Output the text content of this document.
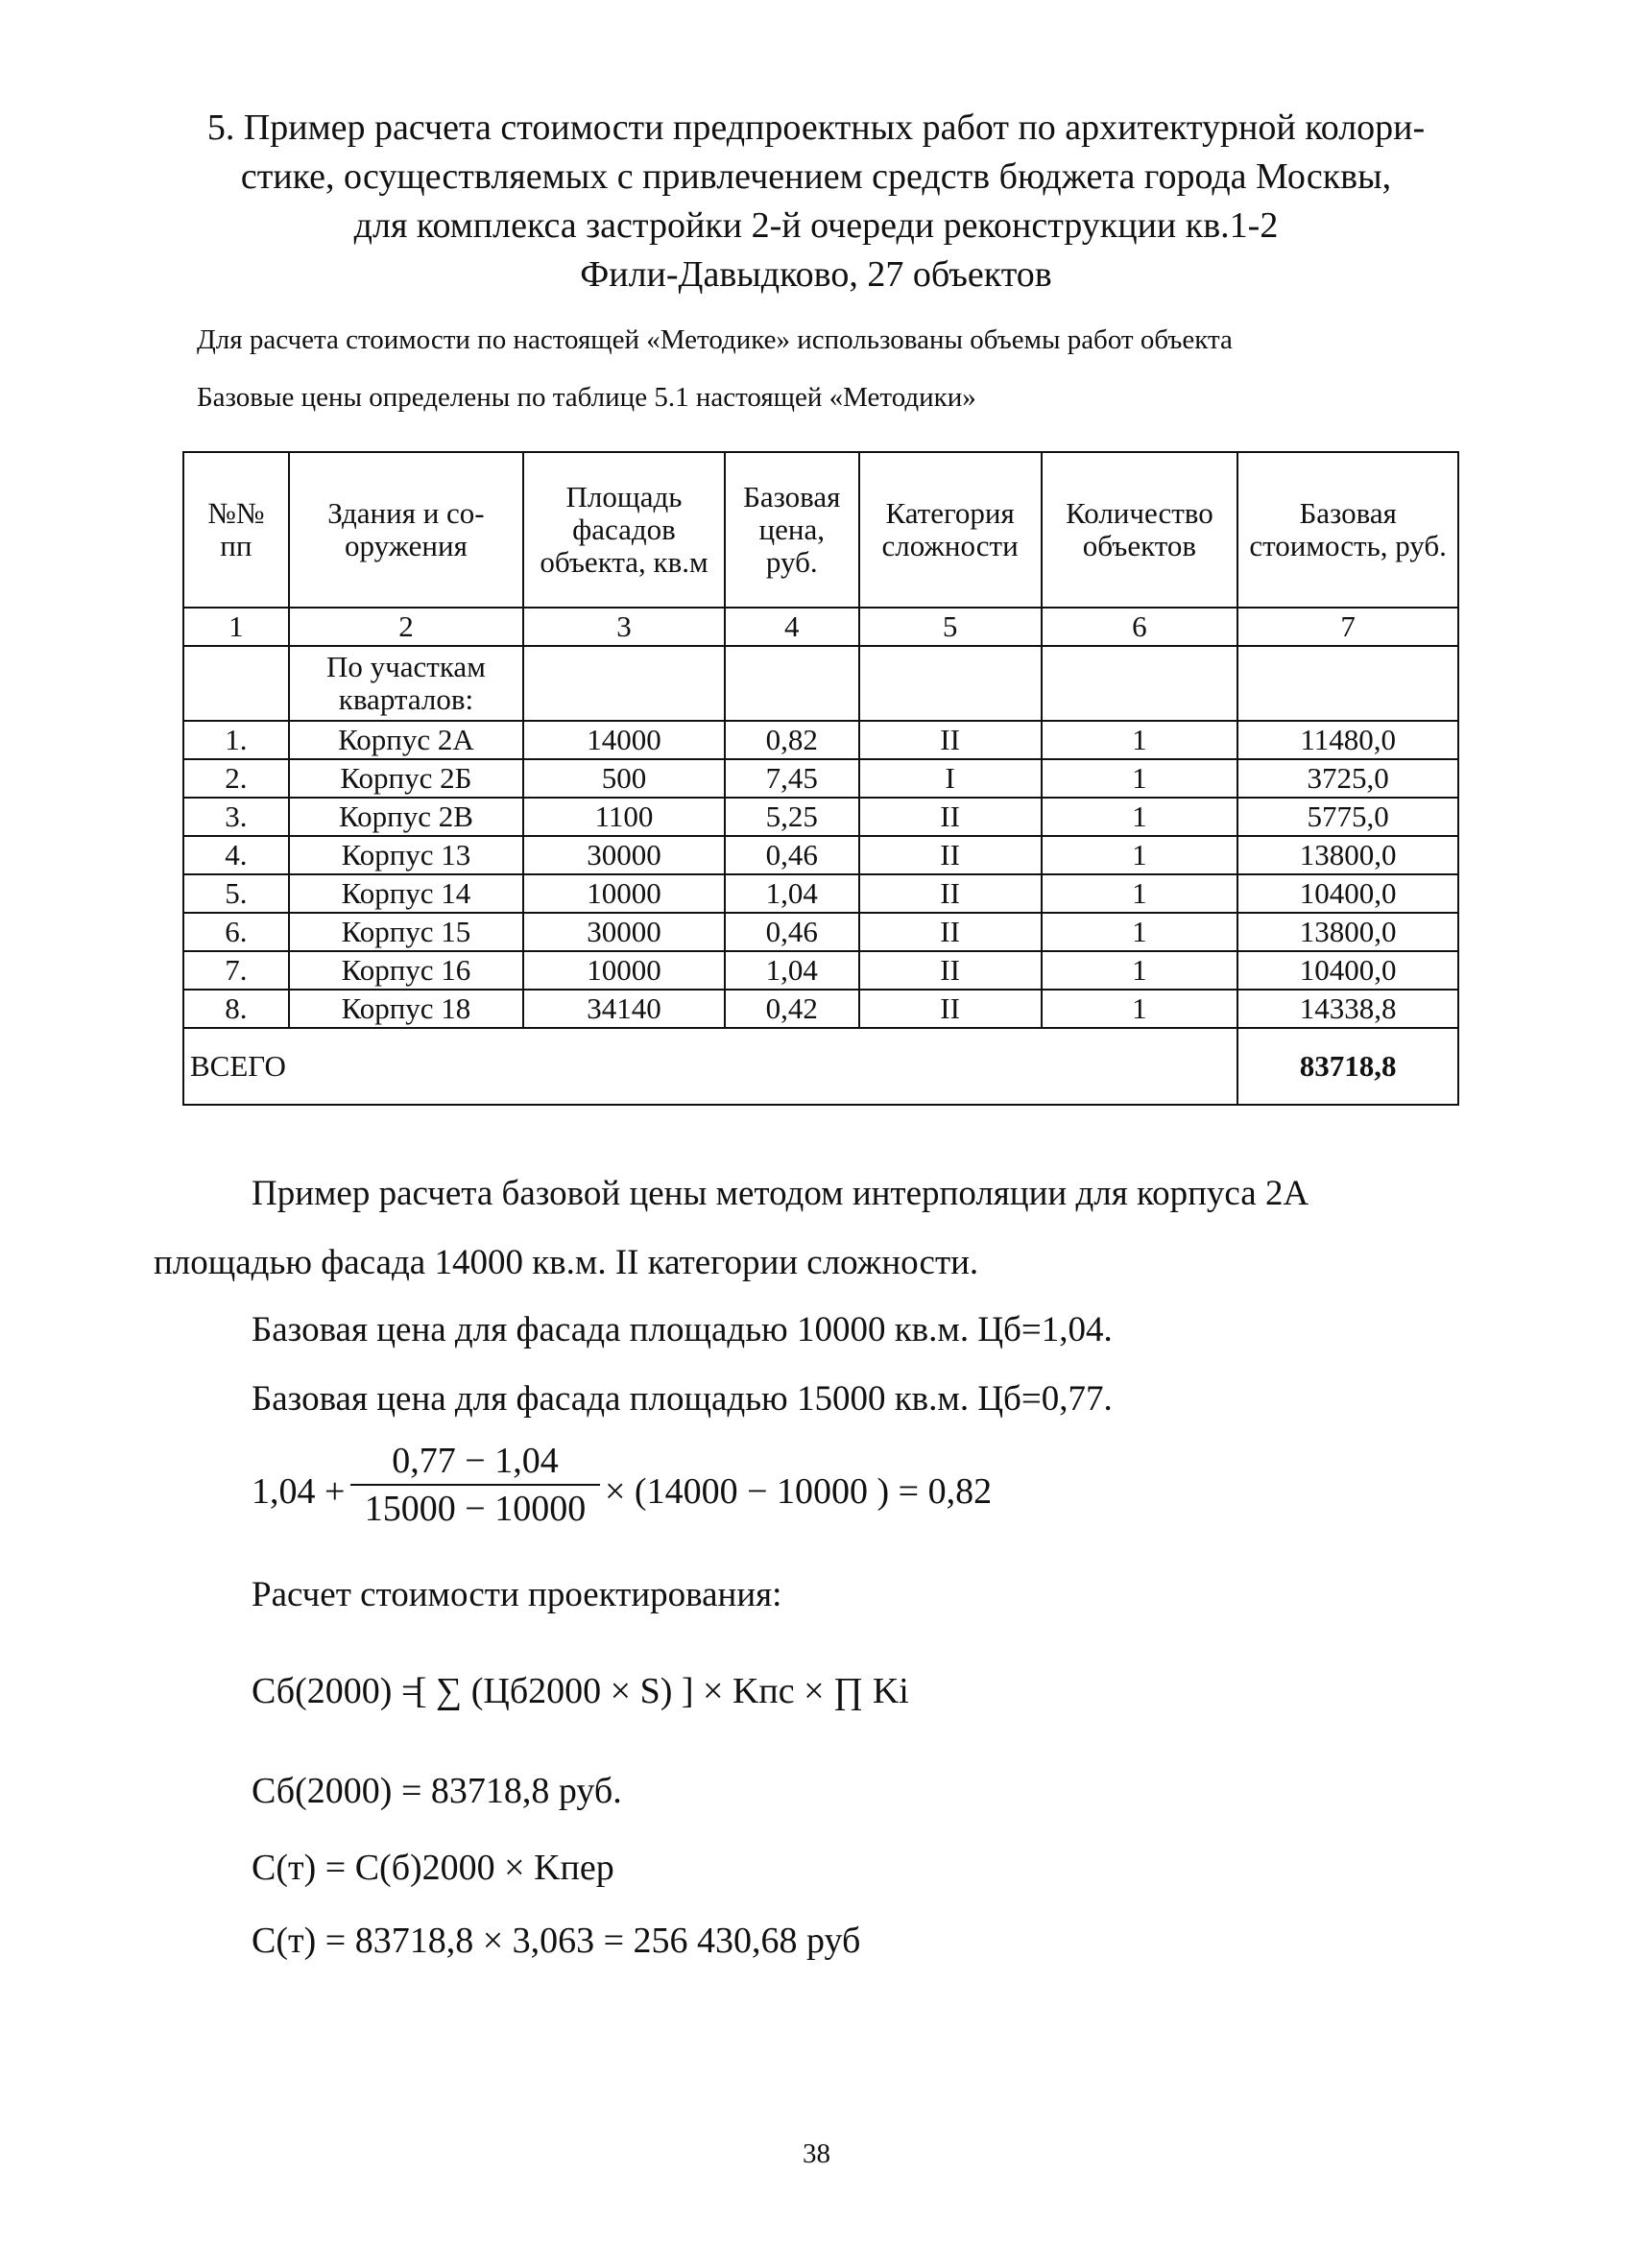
5. Пример расчета стоимости предпроектных работ по архитектурной колори-

стике, осуществляемых с привлечением средств бюджета города Москвы,

для комплекса застройки 2-й очереди реконструкции кв.1-2

Фили-Давыдково, 27 объектов

Для расчета стоимости по настоящей «Методике» использованы объемы работ объекта
Базовые цены определены по таблице 5.1 настоящей «Методики»
№№ пп	Здания и со-оружения	Площадь фасадов объекта, кв.м	Базовая цена, руб.	Категория сложности	Количество объектов	Базовая стоимость, руб.
1	2	3	4	5	6	7
	По участкам кварталов:					
1.	Корпус 2А	14000	0,82	II	1	11480,0
2.	Корпус 2Б	500	7,45	I	1	3725,0
3.	Корпус 2В	1100	5,25	II	1	5775,0
4.	Корпус 13	30000	0,46	II	1	13800,0
5.	Корпус 14	10000	1,04	II	1	10400,0
6.	Корпус 15	30000	0,46	II	1	13800,0
7.	Корпус 16	10000	1,04	II	1	10400,0
8.	Корпус 18	34140	0,42	II	1	14338,8
ВСЕГО						83718,8
Пример расчета базовой цены методом интерполяции для корпуса 2А
площадью фасада 14000 кв.м. II категории сложности.
Базовая цена для фасада площадью 10000 кв.м. Цб=1,04.
Базовая цена для фасада площадью 15000 кв.м. Цб=0,77.
1,04 +
0,77 − 1,04
15000 − 10000 × (14000 − 10000 ) = 0,82
Расчет стоимости проектирования:
Сб(2000) =
[ ∑ (Цб2000 × S) ] × Kпс × ∏ Ki
Сб(2000) = 83718,8 руб.
С(т) = С(б)2000 × Kпер
С(т) = 83718,8 × 3,063 = 256 430,68 руб
38
